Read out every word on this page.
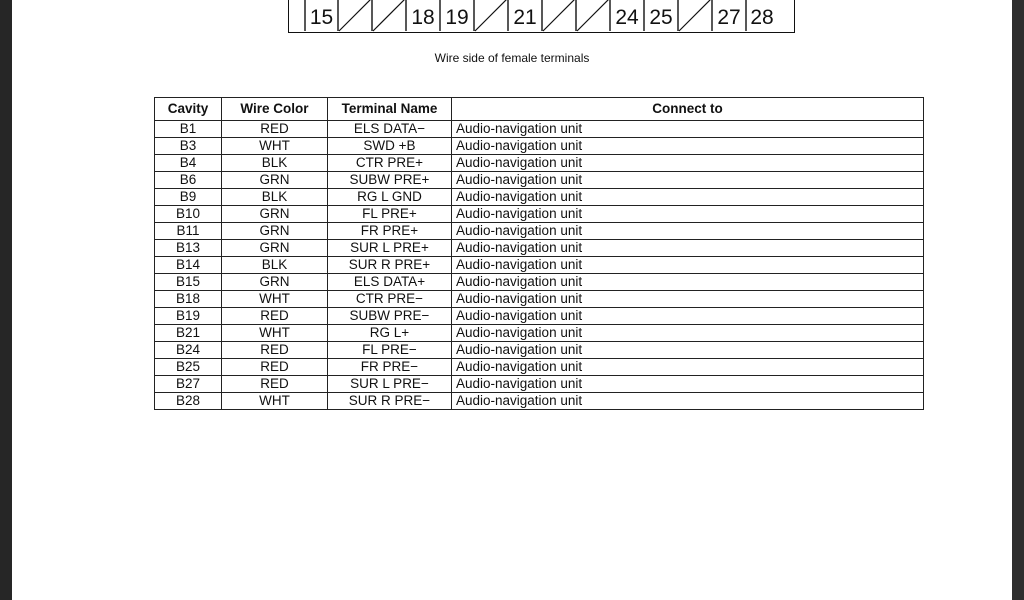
15	18 19 21	24 25 27 28
Wire side of female terminals
Cavity	Wire Color	Terminal Name	Connect to
B1	RED	ELS DATA−	Audio-navigation unit
B3	WHT	SWD +B	Audio-navigation unit
B4	BLK	CTR PRE+	Audio-navigation unit
B6	GRN	SUBW PRE+	Audio-navigation unit
B9	BLK	RG L GND	Audio-navigation unit
B10	GRN	FL PRE+	Audio-navigation unit
B11	GRN	FR PRE+	Audio-navigation unit
B13	GRN	SUR L PRE+	Audio-navigation unit
B14	BLK	SUR R PRE+	Audio-navigation unit
B15	GRN	ELS DATA+	Audio-navigation unit
B18	WHT	CTR PRE−	Audio-navigation unit
B19	RED	SUBW PRE−	Audio-navigation unit
B21	WHT	RG L+	Audio-navigation unit
B24	RED	FL PRE−	Audio-navigation unit
B25	RED	FR PRE−	Audio-navigation unit
B27	RED	SUR L PRE−	Audio-navigation unit
B28	WHT	SUR R PRE−	Audio-navigation unit
